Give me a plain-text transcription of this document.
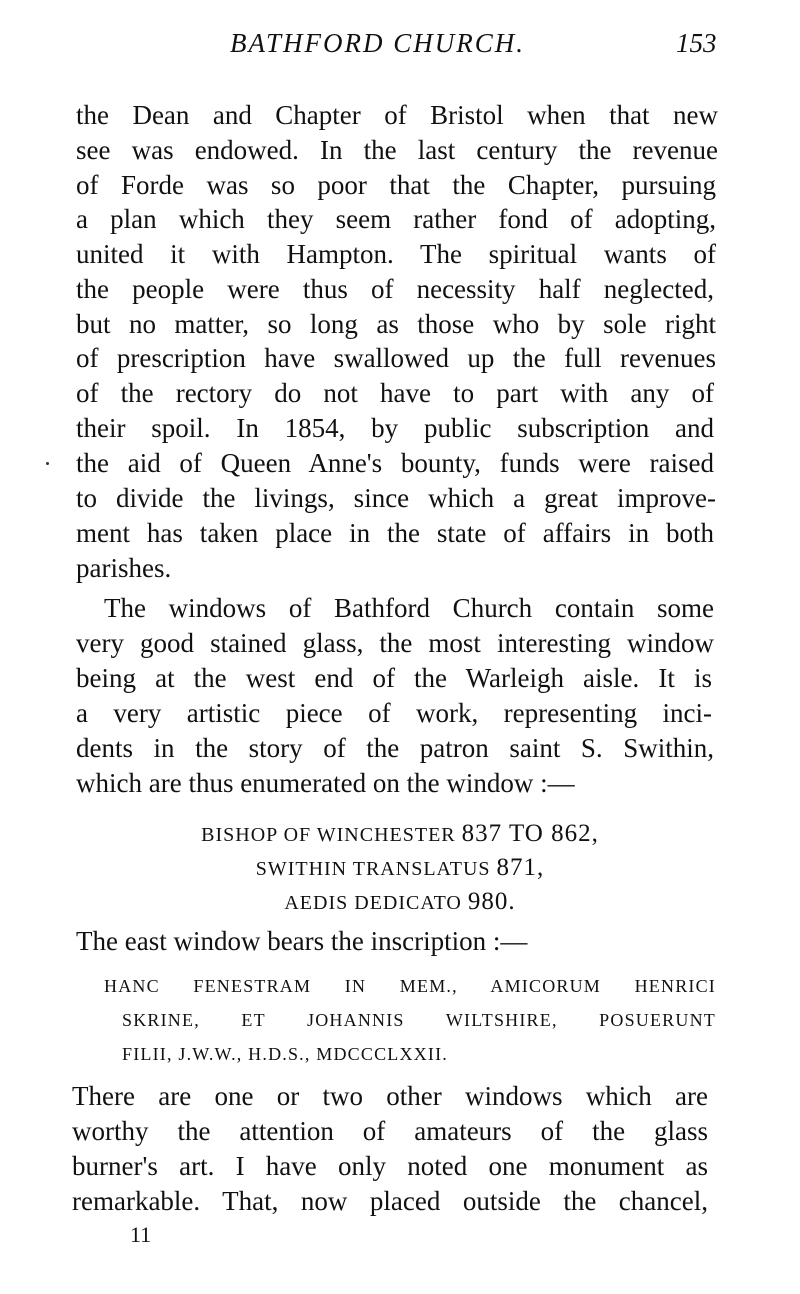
BATHFORD CHURCH.	153
the Dean and Chapter of Bristol when that new
see was endowed. In the last century the revenue
of Forde was so poor that the Chapter, pursuing
a plan which they seem rather fond of adopting,
united it with Hampton. The spiritual wants of
the people were thus of necessity half neglected,
but no matter, so long as those who by sole right
of prescription have swallowed up the full revenues
of the rectory do not have to part with any of
their spoil. In 1854, by public subscription and
the aid of Queen Anne's bounty, funds were raised
to divide the livings, since which a great improve-
ment has taken place in the state of affairs in both
parishes.
The windows of Bathford Church contain some
very good stained glass, the most interesting window
being at the west end of the Warleigh aisle. It is
a very artistic piece of work, representing inci-
dents in the story of the patron saint S. Swithin,
which are thus enumerated on the window :—
BISHOP OF WINCHESTER 837 TO 862,
SWITHIN TRANSLATUS 871,
AEDIS DEDICATO 980.
The east window bears the inscription :—
HANC FENESTRAM IN MEM., AMICORUM HENRICI
SKRINE, ET JOHANNIS WILTSHIRE, POSUERUNT
FILII, J.W.W., H.D.S., MDCCCLXXII.
There are one or two other windows which are
worthy the attention of amateurs of the glass
burner's art. I have only noted one monument as
remarkable. That, now placed outside the chancel,
11
